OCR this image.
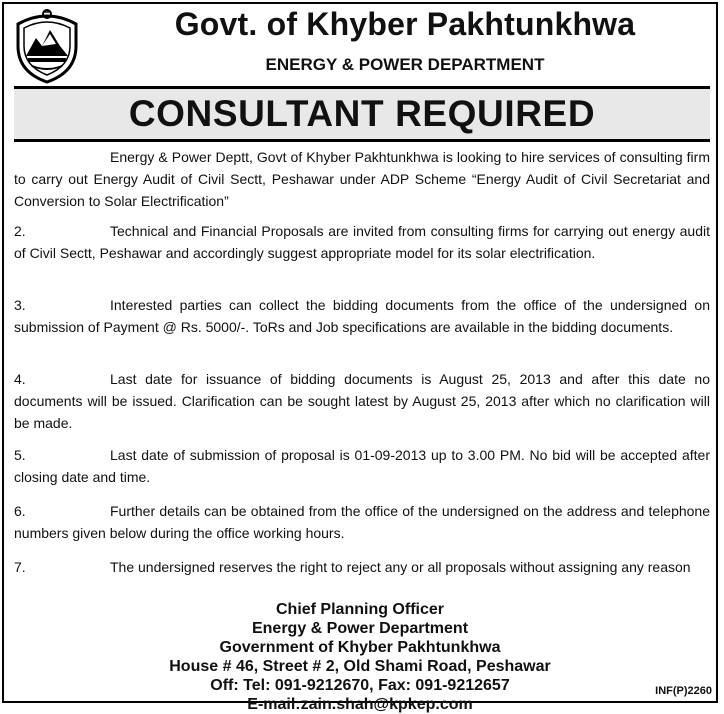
Govt. of Khyber Pakhtunkhwa
ENERGY & POWER DEPARTMENT
CONSULTANT REQUIRED
Energy & Power Deptt, Govt of Khyber Pakhtunkhwa is looking to hire services of consulting firm to carry out Energy Audit of Civil Sectt, Peshawar under ADP Scheme “Energy Audit of Civil Secretariat and Conversion to Solar Electrification”
2.	Technical and Financial Proposals are invited from consulting firms for carrying out energy audit of Civil Sectt, Peshawar and accordingly suggest appropriate model for its solar electrification.
3.	Interested parties can collect the bidding documents from the office of the undersigned on submission of Payment @ Rs. 5000/-. ToRs and Job specifications are available in the bidding documents.
4.	Last date for issuance of bidding documents is August 25, 2013 and after this date no documents will be issued. Clarification can be sought latest by August 25, 2013 after which no clarification will be made.
5.	Last date of submission of proposal is 01-09-2013 up to 3.00 PM. No bid will be accepted after closing date and time.
6.	Further details can be obtained from the office of the undersigned on the address and telephone numbers given below during the office working hours.
7.	The undersigned reserves the right to reject any or all proposals without assigning any reason
Chief Planning Officer
Energy & Power Department
Government of Khyber Pakhtunkhwa
House # 46, Street # 2, Old Shami Road, Peshawar
Off: Tel: 091-9212670, Fax: 091-9212657
E-mail:zain.shah@kpkep.com
INF(P)2260
